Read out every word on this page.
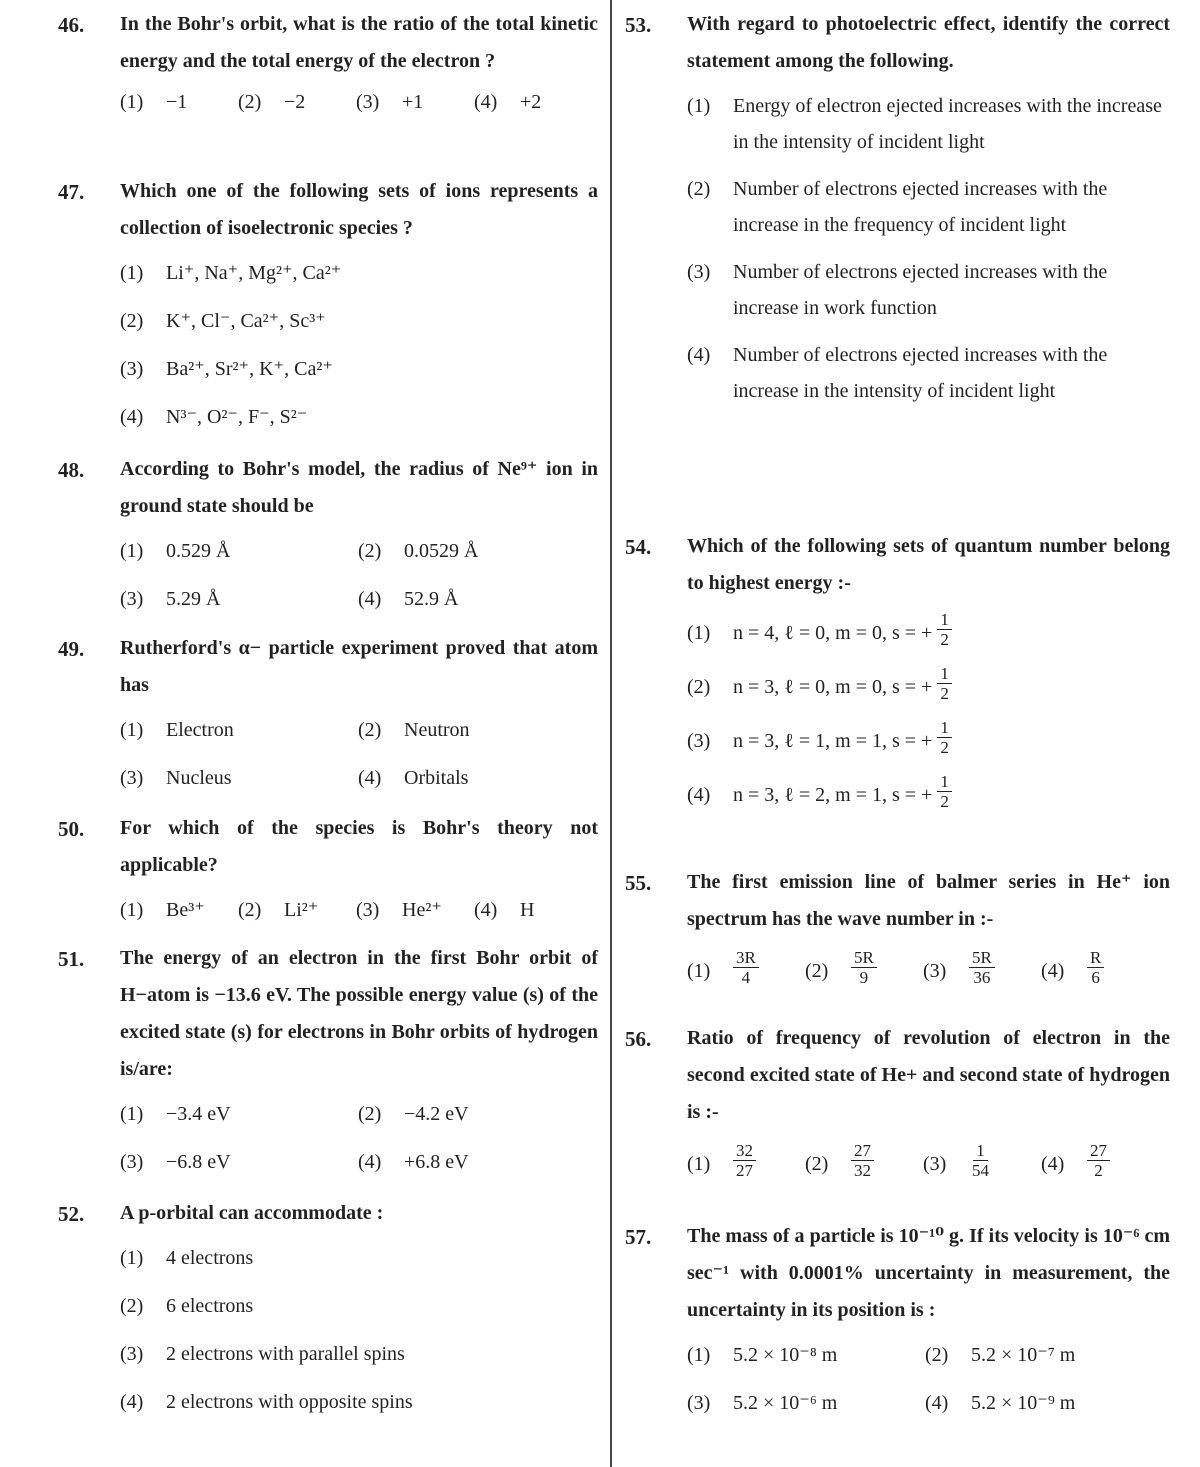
46.	In the Bohr's orbit, what is the ratio of the total kinetic energy and the total energy of the electron ?
(1)	−1	(2)	−2	(3)	+1	(4)	+2
47.	Which one of the following sets of ions represents a collection of isoelectronic species ?
(1)	Li⁺, Na⁺, Mg²⁺, Ca²⁺
(2)	K⁺, Cl⁻, Ca²⁺, Sc³⁺
(3)	Ba²⁺, Sr²⁺, K⁺, Ca²⁺
(4)	N³⁻, O²⁻, F⁻, S²⁻
48.	According to Bohr's model, the radius of Ne⁹⁺ ion in ground state should be
(1)	0.529 Å	(2)	0.0529 Å
(3)	5.29 Å	(4)	52.9 Å
49.	Rutherford's α− particle experiment proved that atom has
(1)	Electron	(2)	Neutron
(3)	Nucleus	(4)	Orbitals
50.	For which of the species is Bohr's theory not applicable?
(1)	Be³⁺ (2)	Li²⁺ (3)	He²⁺ (4)	H
51.	The energy of an electron in the first Bohr orbit of H−atom is −13.6 eV. The possible energy value (s) of the excited state (s) for electrons in Bohr orbits of hydrogen is/are:
(1)	−3.4 eV	(2)	−4.2 eV
(3)	−6.8 eV	(4)	+6.8 eV
52.	A p-orbital can accommodate :
(1)	4 electrons
(2)	6 electrons
(3)	2 electrons with parallel spins
(4)	2 electrons with opposite spins
53.	With regard to photoelectric effect, identify the correct statement among the following.
(1)	Energy of electron ejected increases with the increase in the intensity of incident light
(2)	Number of electrons ejected increases with the increase in the frequency of incident light
(3)	Number of electrons ejected increases with the increase in work function
(4)	Number of electrons ejected increases with the increase in the intensity of incident light
54.	Which of the following sets of quantum number belong to highest energy :-
(1)	n = 4, ℓ = 0, m = 0, s = +
$\frac{1}{2}$
(2)	n = 3, ℓ = 0, m = 0, s = +
$\frac{1}{2}$
(3)	n = 3, ℓ = 1, m = 1, s = +
$\frac{1}{2}$
(4)	n = 3, ℓ = 2, m = 1, s = +
$\frac{1}{2}$
55.	The first emission line of balmer series in He⁺ ion spectrum has the wave number in :-
(1)	$\frac{3R}{4} (2)$	$\frac{5R}{9} (3)$	$\frac{5R}{36} (4)$	$\frac{R}{6}$
56.	Ratio of frequency of revolution of electron in the second excited state of He+ and second state of hydrogen is :-
(1)	$\frac{32}{27} (2)$	$\frac{27}{32} (3)$	$\frac{1}{54} (4)$	$\frac{27}{2}$
57.	The mass of a particle is 10⁻¹⁰ g. If its velocity is 10⁻⁶ cm sec⁻¹ with 0.0001% uncertainty in measurement, the uncertainty in its position is :
(1)	5.2 × 10⁻⁸ m	(2)	5.2 × 10⁻⁷ m
(3)	5.2 × 10⁻⁶ m	(4)	5.2 × 10⁻⁹ m
